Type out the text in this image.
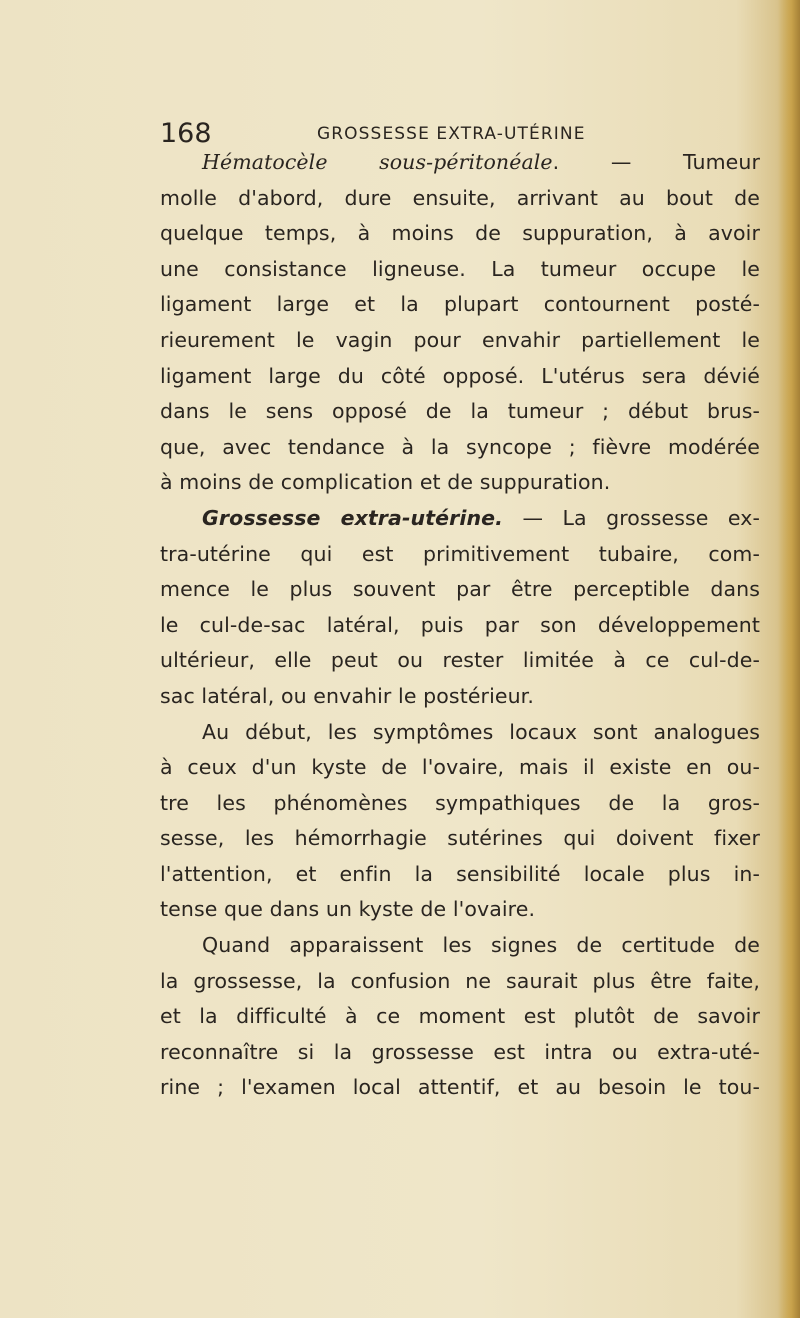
168	GROSSESSE EXTRA-UTÉRINE
Hématocèle sous-péritonéale. — Tumeur
molle d'abord, dure ensuite, arrivant au bout de
quelque temps, à moins de suppuration, à avoir
une consistance ligneuse. La tumeur occupe le
ligament large et la plupart contournent posté-
rieurement le vagin pour envahir partiellement le
ligament large du côté opposé. L'utérus sera dévié
dans le sens opposé de la tumeur ; début brus-
que, avec tendance à la syncope ; fièvre modérée
à moins de complication et de suppuration.
Grossesse extra-utérine. — La grossesse ex-
tra-utérine qui est primitivement tubaire, com-
mence le plus souvent par être perceptible dans
le cul-de-sac latéral, puis par son développement
ultérieur, elle peut ou rester limitée à ce cul-de-
sac latéral, ou envahir le postérieur.
Au début, les symptômes locaux sont analogues
à ceux d'un kyste de l'ovaire, mais il existe en ou-
tre les phénomènes sympathiques de la gros-
sesse, les hémorrhagie sutérines qui doivent fixer
l'attention, et enfin la sensibilité locale plus in-
tense que dans un kyste de l'ovaire.
Quand apparaissent les signes de certitude de
la grossesse, la confusion ne saurait plus être faite,
et la difficulté à ce moment est plutôt de savoir
reconnaître si la grossesse est intra ou extra-uté-
rine ; l'examen local attentif, et au besoin le tou-
